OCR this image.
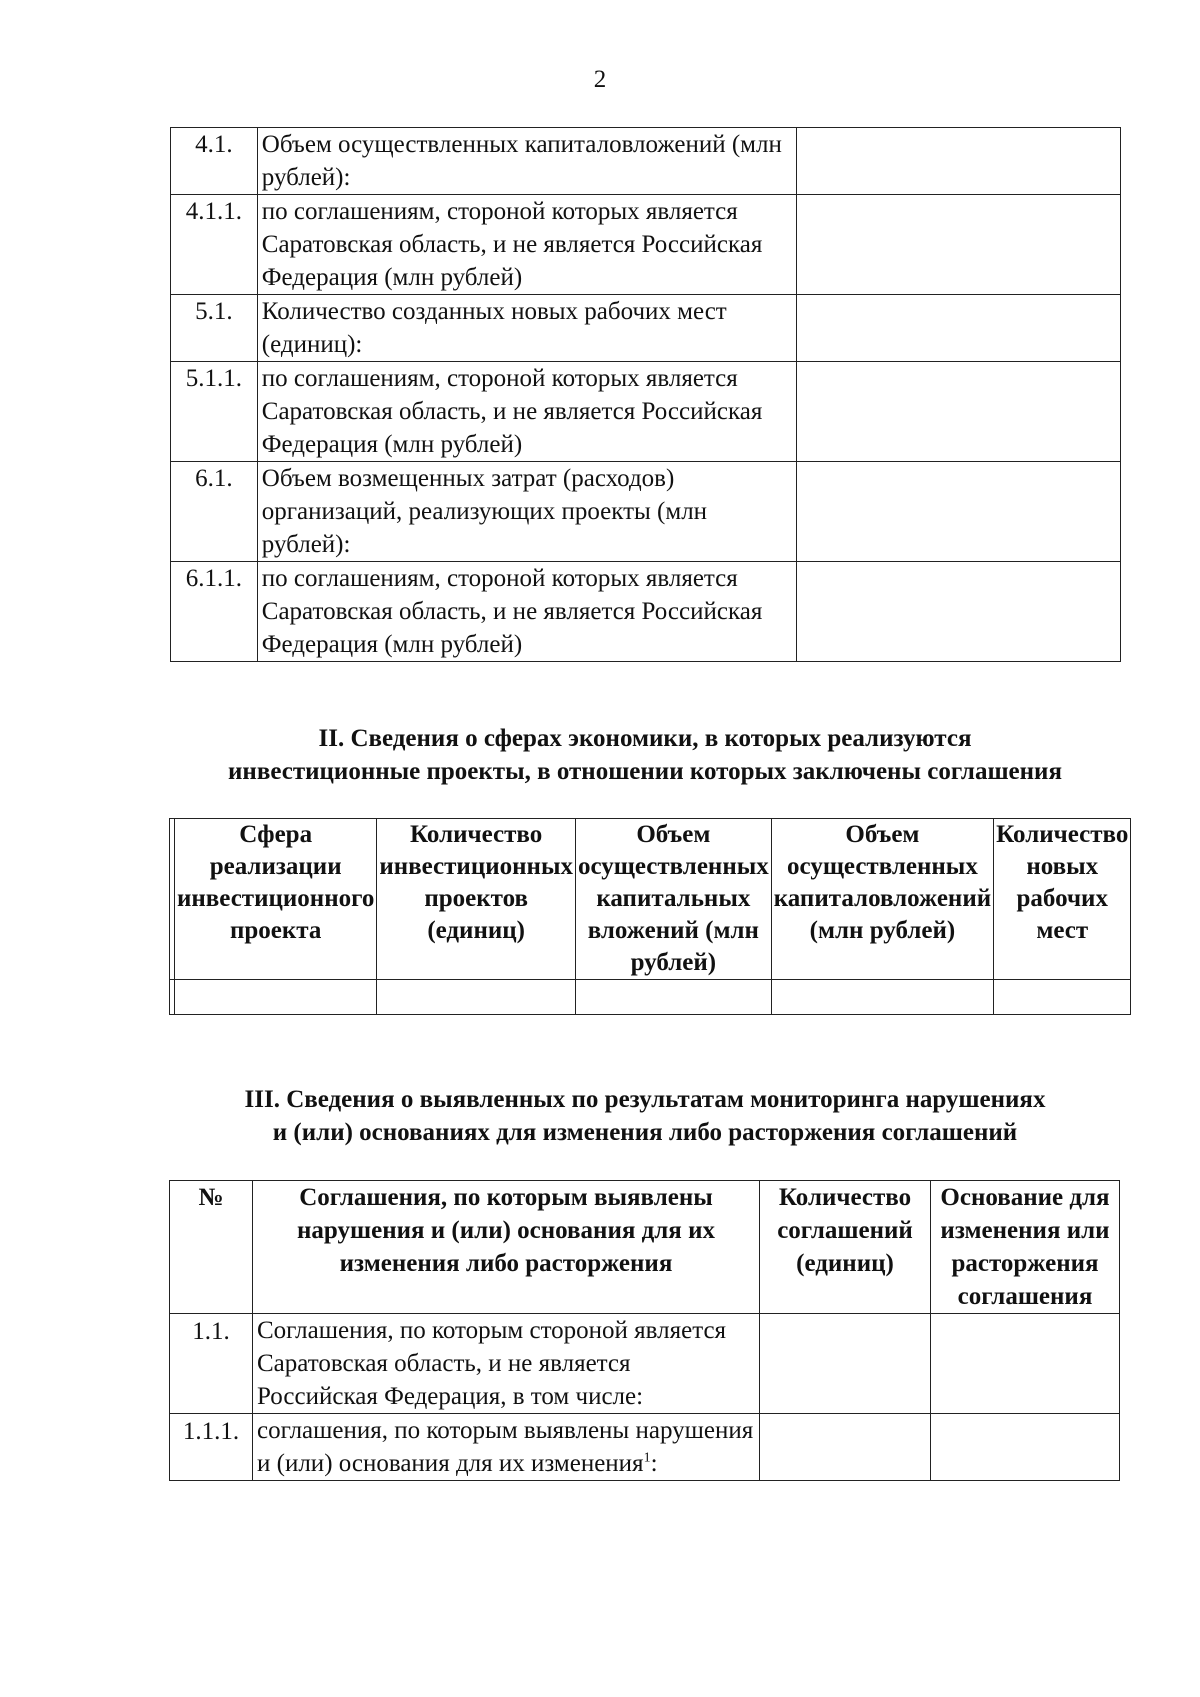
2
4.1.	Объем осуществленных капиталовложений (млн рублей):	
4.1.1.	по соглашениям, стороной которых является Саратовская область, и не является Российская Федерация (млн рублей)	
5.1.	Количество созданных новых рабочих мест (единиц):	
5.1.1.	по соглашениям, стороной которых является Саратовская область, и не является Российская Федерация (млн рублей)	
6.1.	Объем возмещенных затрат (расходов) организаций, реализующих проекты (млн рублей):	
6.1.1.	по соглашениям, стороной которых является Саратовская область, и не является Российская Федерация (млн рублей)	
II. Сведения о сферах экономики, в которых реализуются
инвестиционные проекты, в отношении которых заключены соглашения
	Сфера реализации инвестиционного проекта	Количество инвестиционных проектов (единиц)	Объем осуществленных капитальных вложений (млн рублей)	Объем осуществленных капиталовложений (млн рублей)	Количество новых рабочих мест

III. Сведения о выявленных по результатам мониторинга нарушениях
и (или) основаниях для изменения либо расторжения соглашений
№	Соглашения, по которым выявлены нарушения и (или) основания для их изменения либо расторжения	Количество соглашений (единиц)	Основание для изменения или расторжения соглашения
1.1.	Соглашения, по которым стороной является Саратовская область, и не является Российская Федерация, в том числе:		
1.1.1.	соглашения, по которым выявлены нарушения и (или) основания для их изменения$^1$:		
